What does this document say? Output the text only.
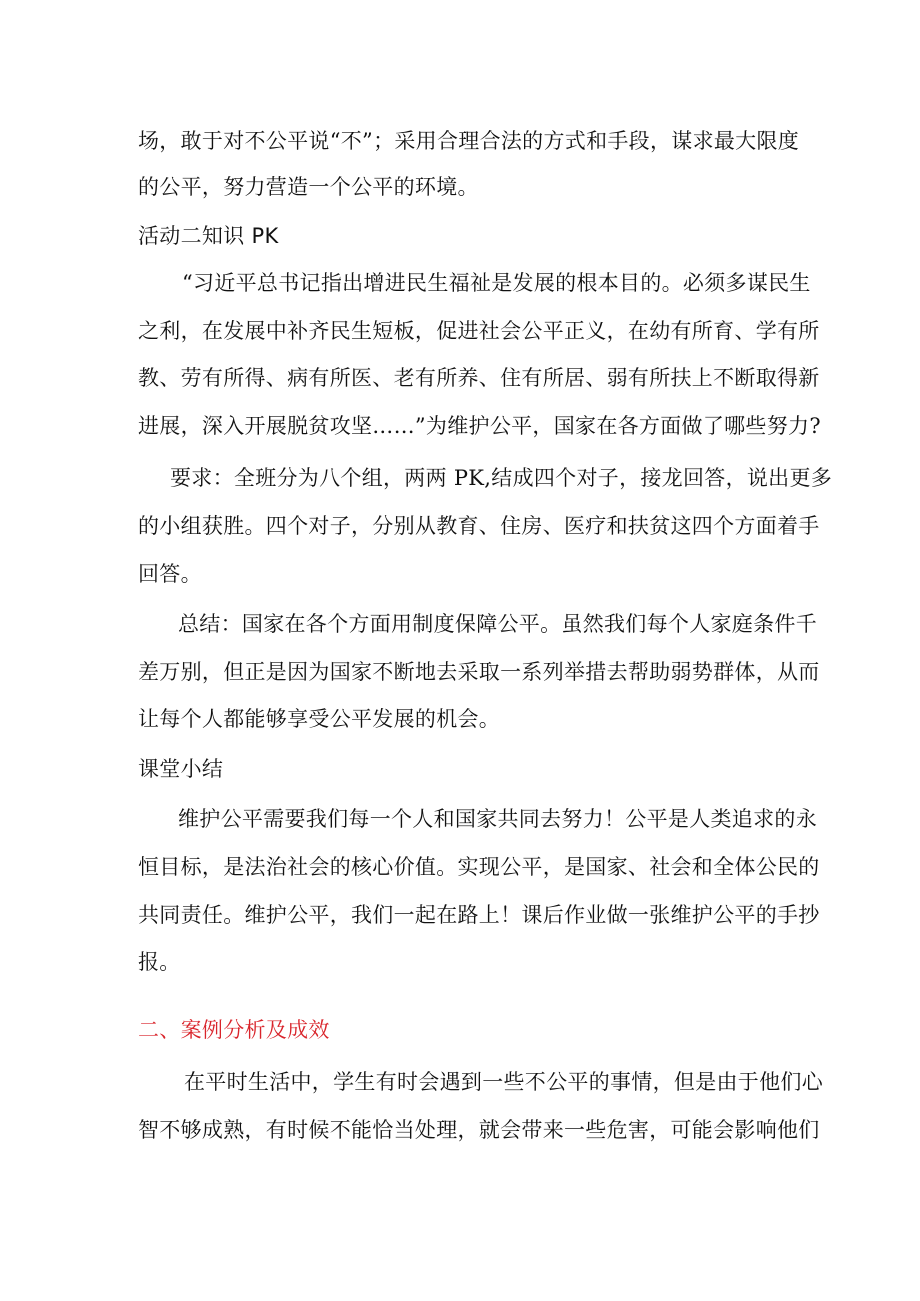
场，敢于对不公平说“不”；采用合理合法的方式和手段，谋求最大限度
的公平，努力营造一个公平的环境。
活动二知识 PK
“习近平总书记指出增进民生福祉是发展的根本目的。必须多谋民生
之利，在发展中补齐民生短板，促进社会公平正义，在幼有所育、学有所
教、劳有所得、病有所医、老有所养、住有所居、弱有所扶上不断取得新
进展，深入开展脱贫攻坚……”为维护公平，国家在各方面做了哪些努力?
要求：全班分为八个组，两两 PK,结成四个对子，接龙回答，说出更多
的小组获胜。四个对子，分别从教育、住房、医疗和扶贫这四个方面着手
回答。
总结：国家在各个方面用制度保障公平。虽然我们每个人家庭条件千
差万别，但正是因为国家不断地去采取一系列举措去帮助弱势群体，从而
让每个人都能够享受公平发展的机会。
课堂小结
维护公平需要我们每一个人和国家共同去努力！公平是人类追求的永
恒目标，是法治社会的核心价值。实现公平，是国家、社会和全体公民的
共同责任。维护公平，我们一起在路上！课后作业做一张维护公平的手抄
报。
二、案例分析及成效
在平时生活中，学生有时会遇到一些不公平的事情，但是由于他们心
智不够成熟，有时候不能恰当处理，就会带来一些危害，可能会影响他们
